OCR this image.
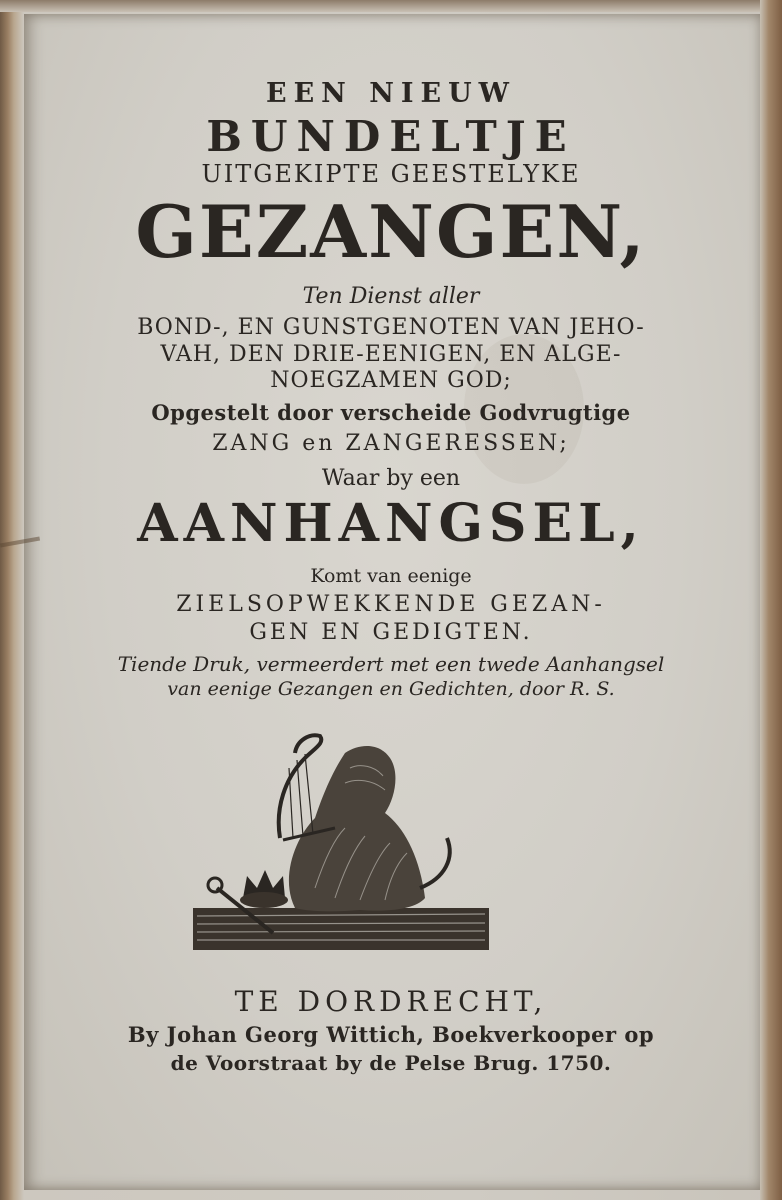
EEN NIEUW
BUNDELTJE
UITGEKIPTE GEESTELYKE
GEZANGEN,
Ten Dienst aller
BOND-, EN GUNSTGENOTEN VAN JEHO-
VAH, DEN DRIE-EENIGEN, EN ALGE-
NOEGZAMEN GOD;
Opgestelt door verscheide Godvrugtige
ZANG en ZANGERESSEN;
Waar by een
AANHANGSEL,
Komt van eenige
ZIELSOPWEKKENDE GEZAN-
GEN EN GEDIGTEN.
Tiende Druk, vermeerdert met een twede Aanhangsel
van eenige Gezangen en Gedichten, door R. S.
TE DORDRECHT,
By Johan Georg Wittich, Boekverkooper op
de Voorstraat by de Pelse Brug. 1750.
